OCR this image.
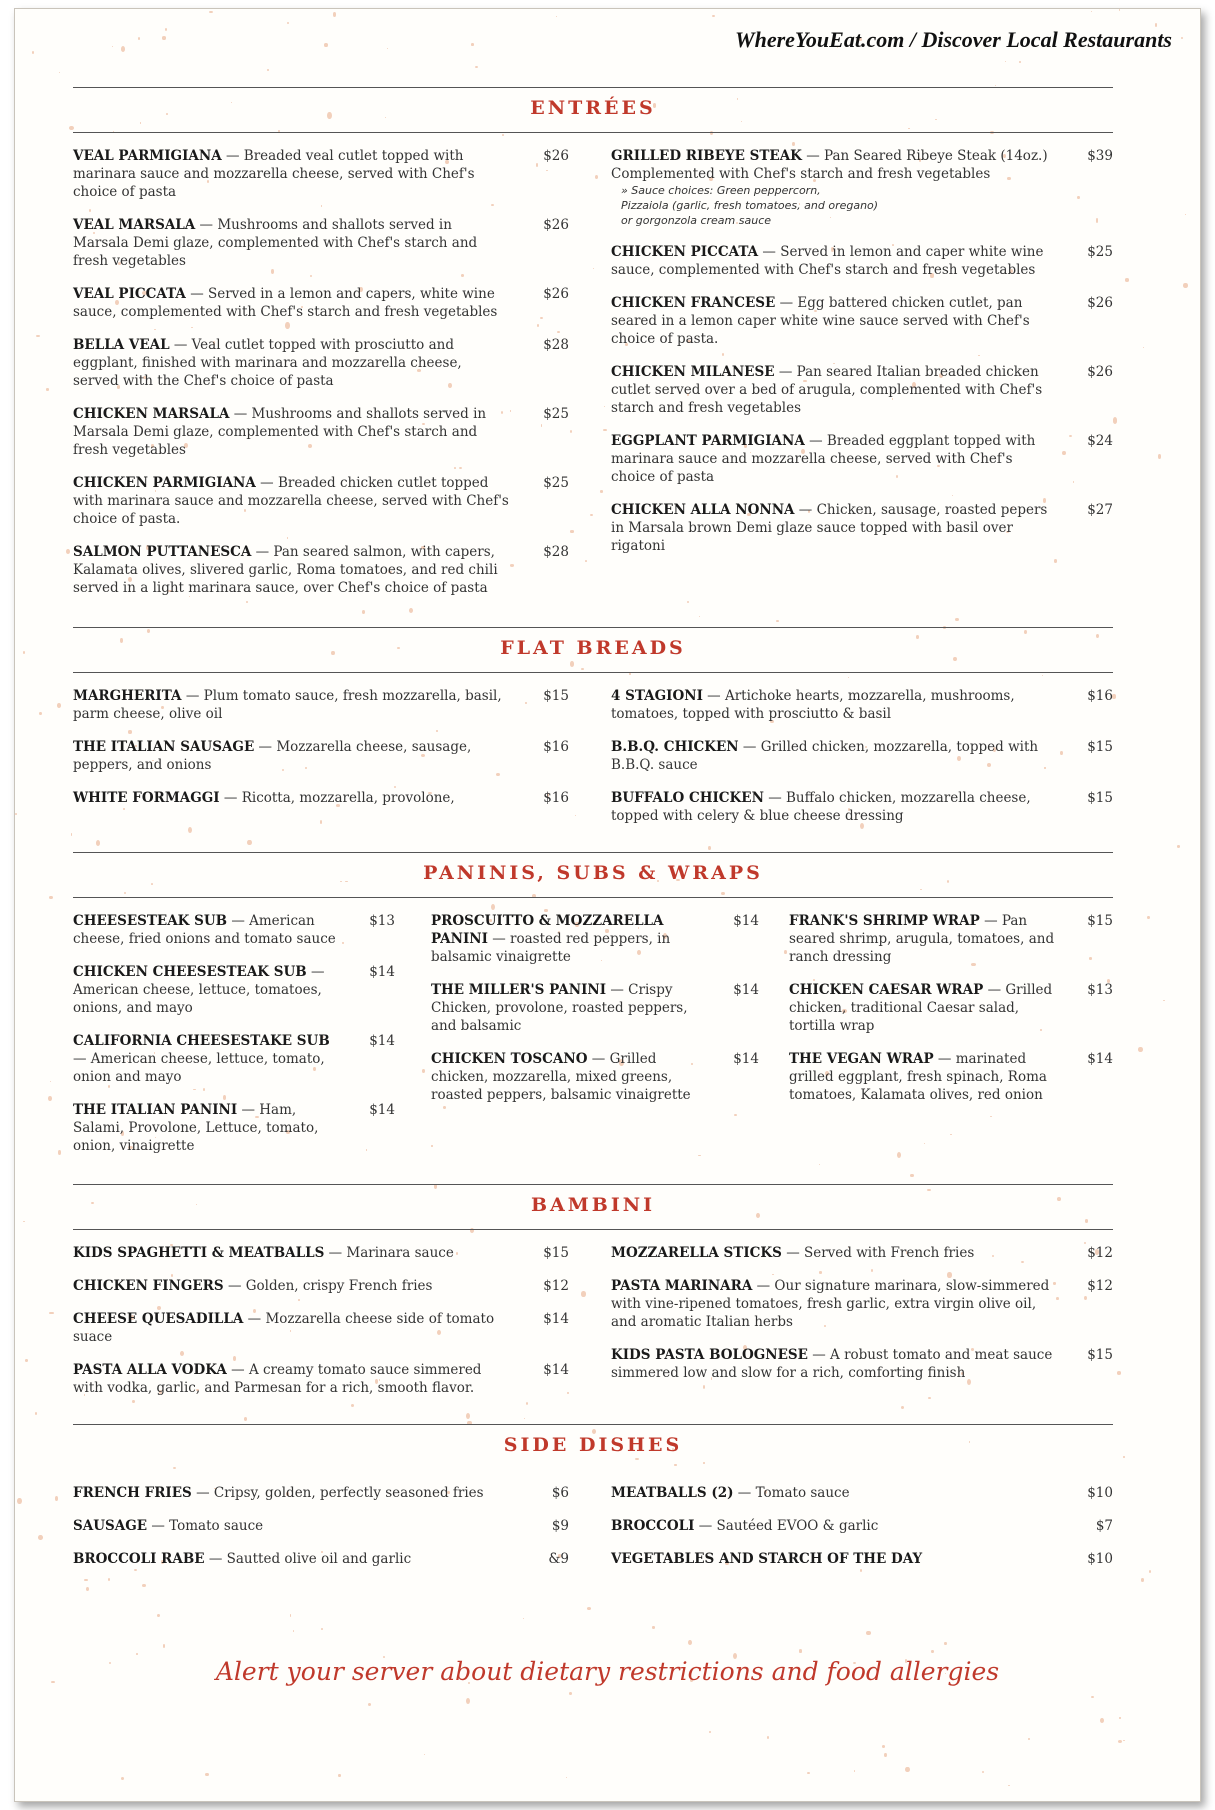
WhereYouEat.com / Discover Local Restaurants
ENTRÉES
VEAL PARMIGIANA — Breaded veal cutlet topped with marinara sauce and mozzarella cheese, served with Chef's choice of pasta
$26
VEAL MARSALA — Mushrooms and shallots served in Marsala Demi glaze, complemented with Chef's starch and fresh vegetables
$26
VEAL PICCATA — Served in a lemon and capers, white wine sauce, complemented with Chef's starch and fresh vegetables
$26
BELLA VEAL — Veal cutlet topped with prosciutto and eggplant, finished with marinara and mozzarella cheese, served with the Chef's choice of pasta
$28
CHICKEN MARSALA — Mushrooms and shallots served in Marsala Demi glaze, complemented with Chef's starch and fresh vegetables
$25
CHICKEN PARMIGIANA — Breaded chicken cutlet topped with marinara sauce and mozzarella cheese, served with Chef's choice of pasta.
$25
SALMON PUTTANESCA — Pan seared salmon, with capers, Kalamata olives, slivered garlic, Roma tomatoes, and red chili served in a light marinara sauce, over Chef's choice of pasta
$28
GRILLED RIBEYE STEAK — Pan Seared Ribeye Steak (14oz.) Complemented with Chef's starch and fresh vegetables
» Sauce choices: Green peppercorn,
Pizzaiola (garlic, fresh tomatoes, and oregano)
or gorgonzola cream sauce
$39
CHICKEN PICCATA — Served in lemon and caper white wine sauce, complemented with Chef's starch and fresh vegetables
$25
CHICKEN FRANCESE — Egg battered chicken cutlet, pan seared in a lemon caper white wine sauce served with Chef's choice of pasta.
$26
CHICKEN MILANESE — Pan seared Italian breaded chicken cutlet served over a bed of arugula, complemented with Chef's starch and fresh vegetables
$26
EGGPLANT PARMIGIANA — Breaded eggplant topped with marinara sauce and mozzarella cheese, served with Chef's choice of pasta
$24
CHICKEN ALLA NONNA — Chicken, sausage, roasted pepers in Marsala brown Demi glaze sauce topped with basil over rigatoni
$27
FLAT BREADS
MARGHERITA — Plum tomato sauce, fresh mozzarella, basil, parm cheese, olive oil
$15
THE ITALIAN SAUSAGE — Mozzarella cheese, sausage, peppers, and onions
$16
WHITE FORMAGGI — Ricotta, mozzarella, provolone,	$16
4 STAGIONI — Artichoke hearts, mozzarella, mushrooms, tomatoes, topped with prosciutto & basil
$16
B.B.Q. CHICKEN — Grilled chicken, mozzarella, topped with B.B.Q. sauce
$15
BUFFALO CHICKEN — Buffalo chicken, mozzarella cheese, topped with celery & blue cheese dressing
$15
PANINIS, SUBS & WRAPS
CHEESESTEAK SUB — American cheese, fried onions and tomato sauce
$13
CHICKEN CHEESESTEAK SUB — American cheese, lettuce, tomatoes, onions, and mayo
$14
CALIFORNIA CHEESESTAKE SUB — American cheese, lettuce, tomato, onion and mayo
$14
THE ITALIAN PANINI — Ham, Salami, Provolone, Lettuce, tomato, onion, vinaigrette
$14
PROSCUITTO & MOZZARELLA PANINI — roasted red peppers, in balsamic vinaigrette
$14
THE MILLER'S PANINI — Crispy Chicken, provolone, roasted peppers, and balsamic
$14
CHICKEN TOSCANO — Grilled chicken, mozzarella, mixed greens, roasted peppers, balsamic vinaigrette
$14
FRANK'S SHRIMP WRAP — Pan seared shrimp, arugula, tomatoes, and ranch dressing
$15
CHICKEN CAESAR WRAP — Grilled chicken, traditional Caesar salad, tortilla wrap
$13
THE VEGAN WRAP — marinated grilled eggplant, fresh spinach, Roma tomatoes, Kalamata olives, red onion
$14
BAMBINI
KIDS SPAGHETTI & MEATBALLS — Marinara sauce	$15
CHICKEN FINGERS — Golden, crispy French fries	$12
CHEESE QUESADILLA — Mozzarella cheese side of tomato suace
$14
PASTA ALLA VODKA — A creamy tomato sauce simmered with vodka, garlic, and Parmesan for a rich, smooth flavor.
$14
MOZZARELLA STICKS — Served with French fries	$12
PASTA MARINARA — Our signature marinara, slow-simmered with vine-ripened tomatoes, fresh garlic, extra virgin olive oil, and aromatic Italian herbs
$12
KIDS PASTA BOLOGNESE — A robust tomato and meat sauce simmered low and slow for a rich, comforting finish
$15
SIDE DISHES
FRENCH FRIES — Cripsy, golden, perfectly seasoned fries	$6
SAUSAGE — Tomato sauce	$9
BROCCOLI RABE — Sautted olive oil and garlic	&9
MEATBALLS (2) — Tomato sauce	$10
BROCCOLI — Sautéed EVOO & garlic	$7
VEGETABLES AND STARCH OF THE DAY	$10
Alert your server about dietary restrictions and food allergies
